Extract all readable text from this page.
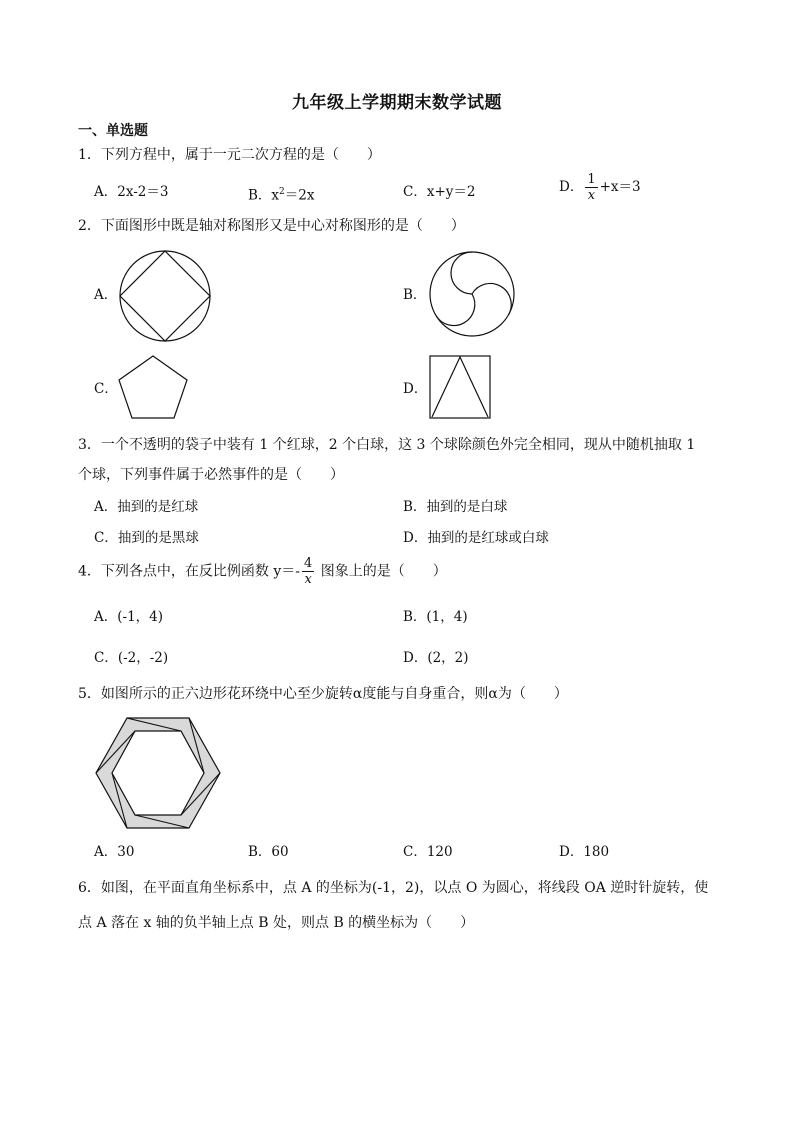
九年级上学期期末数学试题
一、单选题
1．下列方程中，属于一元二次方程的是（　　）
A．2x-2＝3	B．$x^2=2x$	C．x+y＝2	D． $\frac{1}{x} +x=3$
2．下面图形中既是轴对称图形又是中心对称图形的是（　　）
A．	B．
C．	D．
3．一个不透明的袋子中装有 1 个红球，2 个白球，这 3 个球除颜色外完全相同，现从中随机抽取 1
个球，下列事件属于必然事件的是（　　）
A．抽到的是红球	B．抽到的是白球
C．抽到的是黑球	D．抽到的是红球或白球
4．下列各点中，在反比例函数 $y=- \frac{4}{x}$ 图象上的是（　　）
A．(-1，4)	B．(1，4)
C．(-2，-2)	D．(2，2)
5．如图所示的正六边形花环绕中心至少旋转α度能与自身重合，则α为（　　）
A．30	B．60	C．120	D．180
6．如图，在平面直角坐标系中，点 A 的坐标为(-1，2)，以点 O 为圆心，将线段 OA 逆时针旋转，使
点 A 落在 x 轴的负半轴上点 B 处，则点 B 的横坐标为（　　）
